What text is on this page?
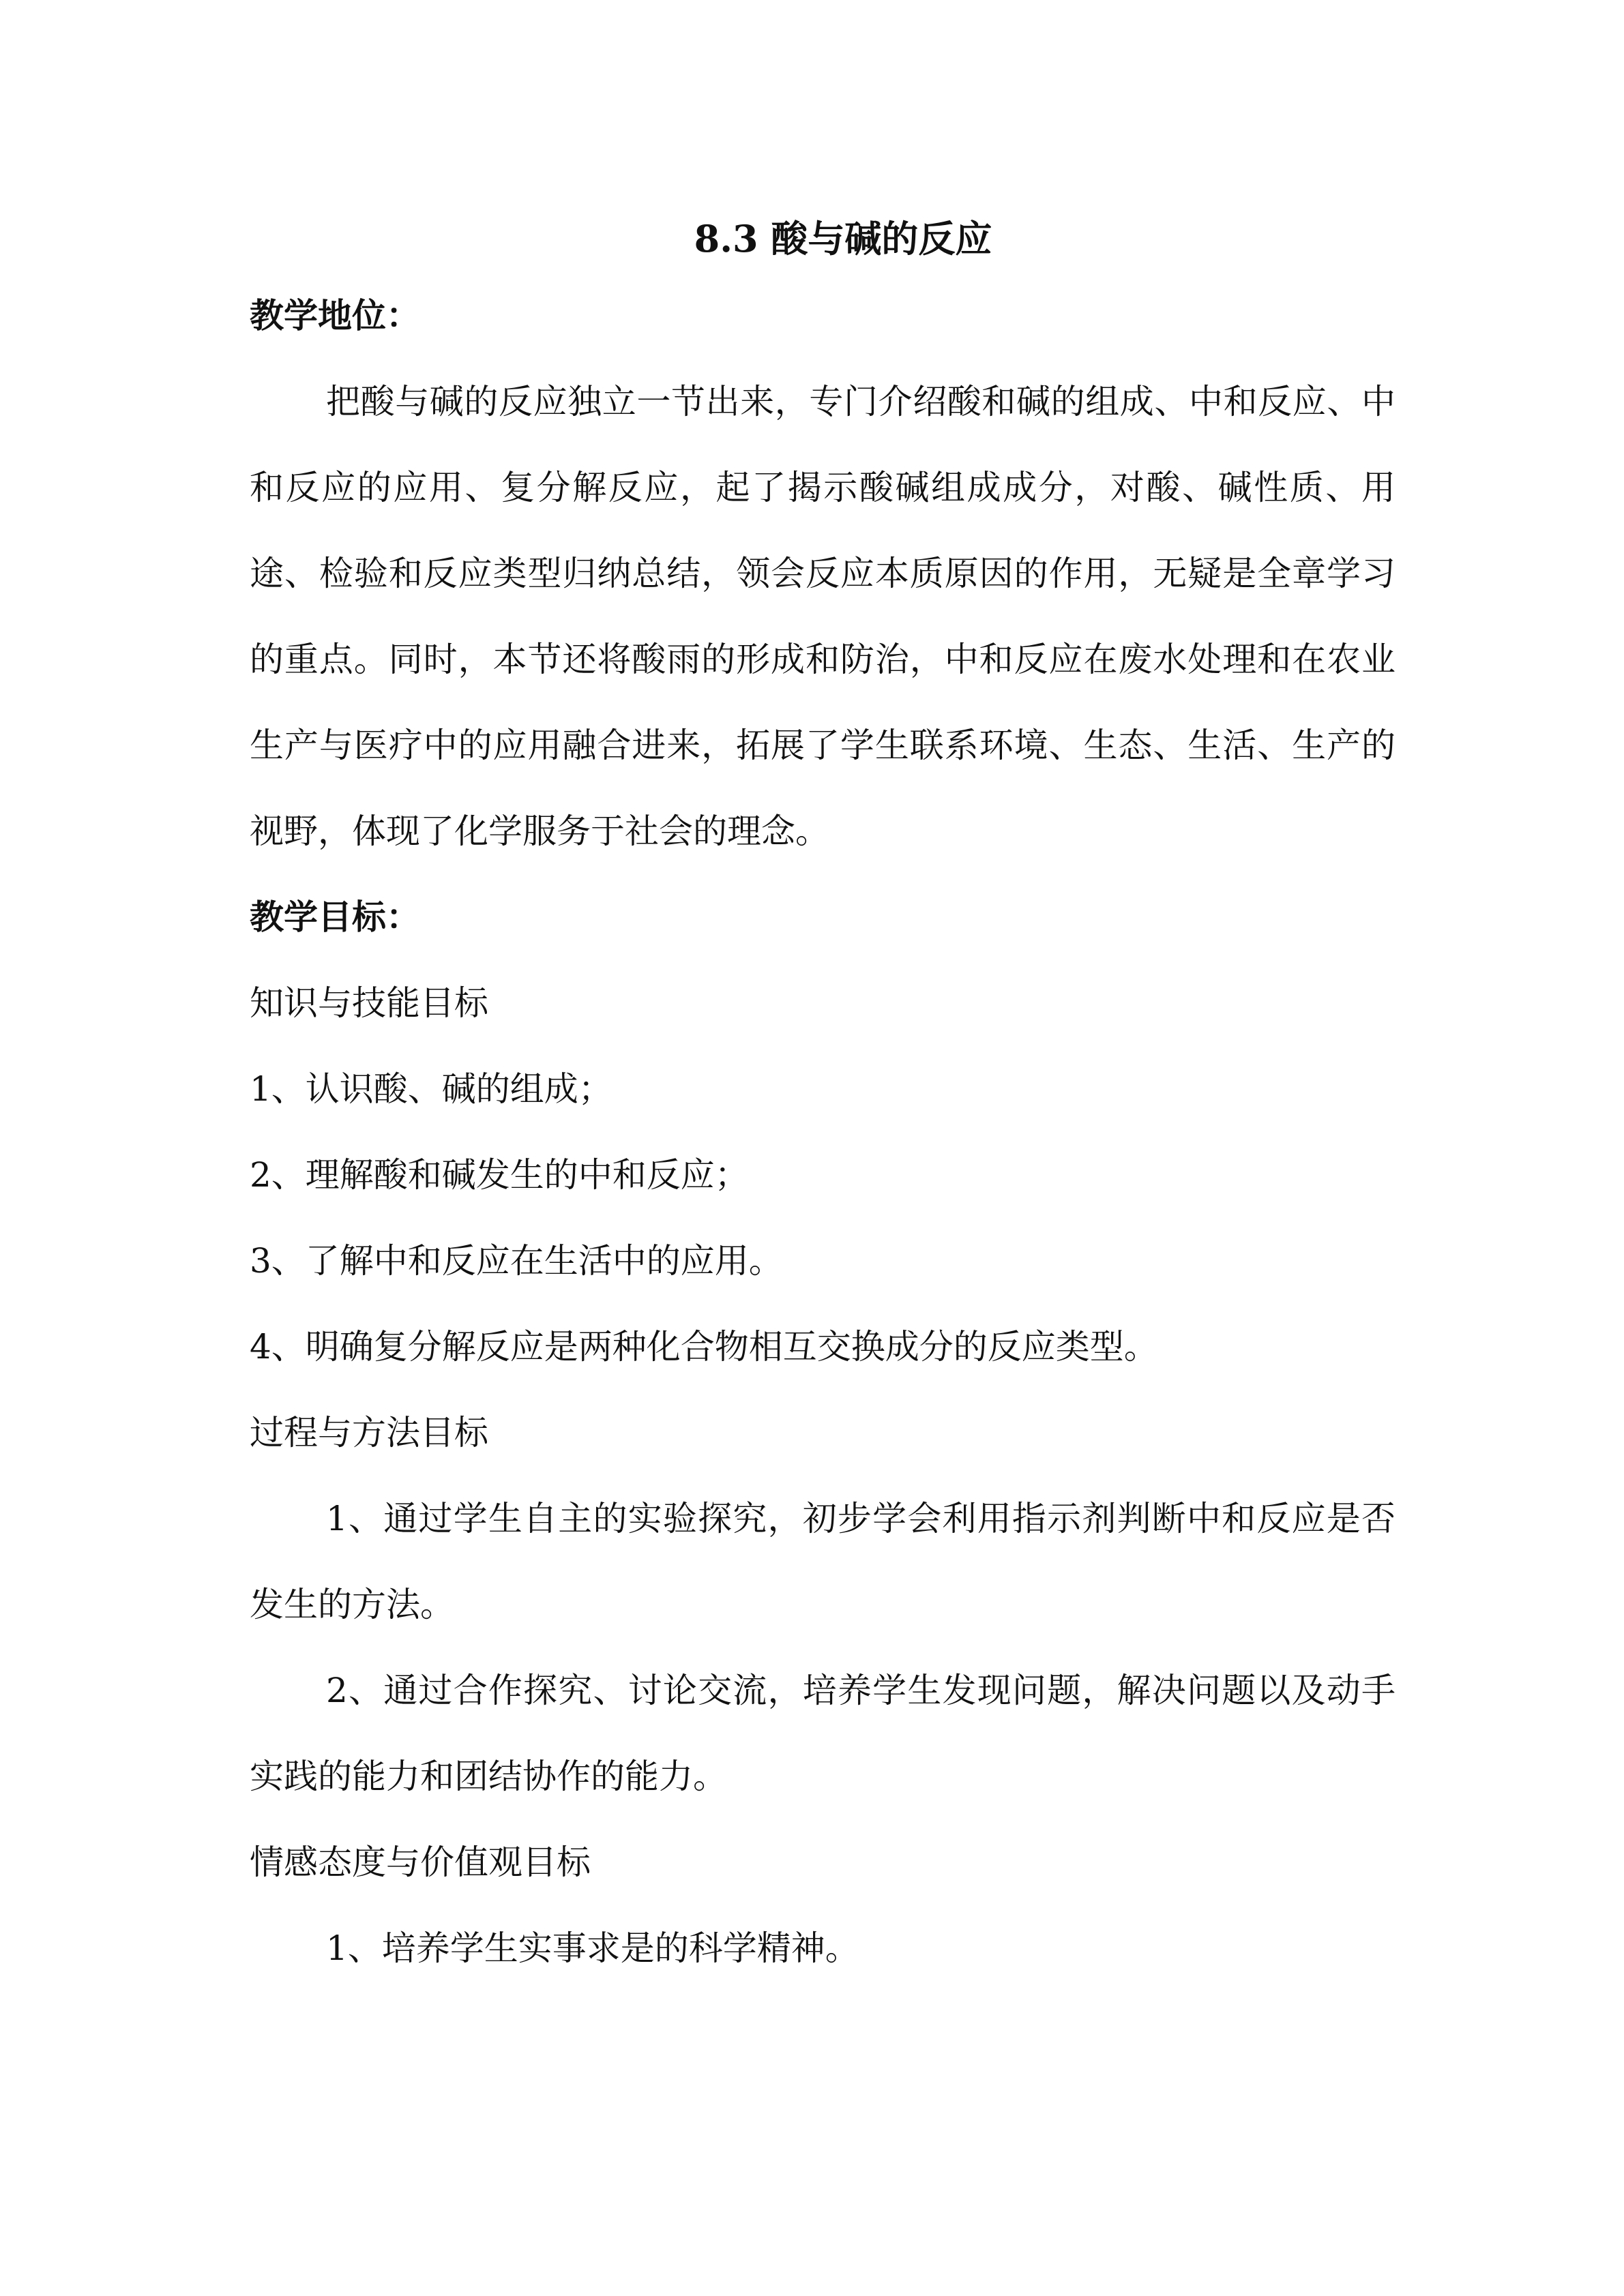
8.3 酸与碱的反应
教学地位：

把酸与碱的反应独立一节出来，专门介绍酸和碱的组成、中和反应、中和反应的应用、复分解反应，起了揭示酸碱组成成分，对酸、碱性质、用途、检验和反应类型归纳总结，领会反应本质原因的作用，无疑是全章学习的重点。同时，本节还将酸雨的形成和防治，中和反应在废水处理和在农业生产与医疗中的应用融合进来，拓展了学生联系环境、生态、生活、生产的视野，体现了化学服务于社会的理念。

教学目标：

知识与技能目标

1、认识酸、碱的组成；

2、理解酸和碱发生的中和反应；

3、了解中和反应在生活中的应用。

4、明确复分解反应是两种化合物相互交换成分的反应类型。

过程与方法目标

1、通过学生自主的实验探究，初步学会利用指示剂判断中和反应是否发生的方法。

2、通过合作探究、讨论交流，培养学生发现问题，解决问题以及动手实践的能力和团结协作的能力。

情感态度与价值观目标

1、培养学生实事求是的科学精神。
